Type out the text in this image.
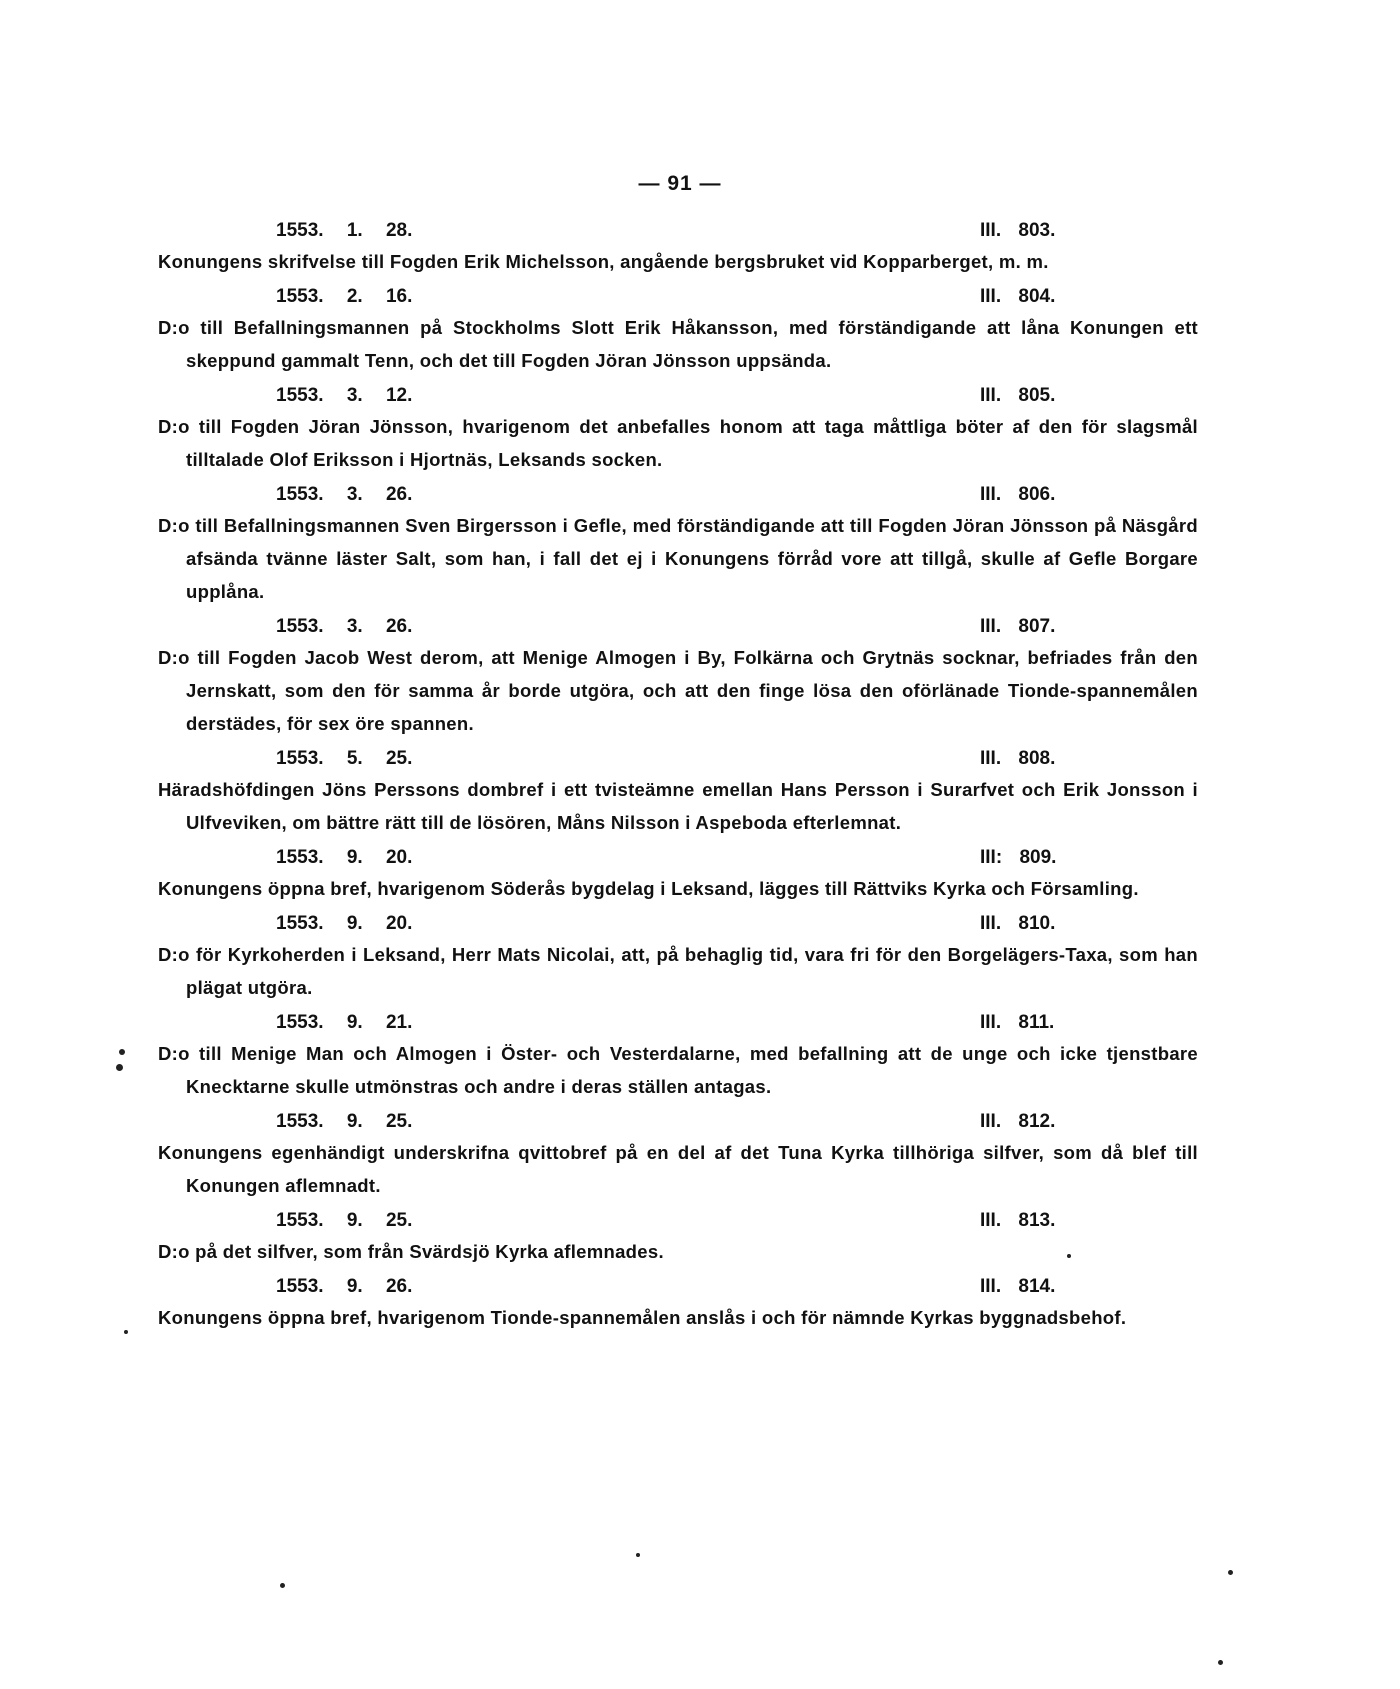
— 91 —
1553. 1. 28.	III. 803.
Konungens skrifvelse till Fogden Erik Michelsson, angående bergsbruket vid Kopparberget, m. m.
1553. 2. 16.	III. 804.
D:o till Befallningsmannen på Stockholms Slott Erik Håkansson, med förständigande att låna Konungen ett skeppund gammalt Tenn, och det till Fogden Jöran Jönsson uppsända.
1553. 3. 12.	III. 805.
D:o till Fogden Jöran Jönsson, hvarigenom det anbefalles honom att taga måttliga böter af den för slagsmål tilltalade Olof Eriksson i Hjortnäs, Leksands socken.
1553. 3. 26.	III. 806.
D:o till Befallningsmannen Sven Birgersson i Gefle, med förständigande att till Fogden Jöran Jönsson på Näsgård afsända tvänne läster Salt, som han, i fall det ej i Konungens förråd vore att tillgå, skulle af Gefle Borgare upplåna.
1553. 3. 26.	III. 807.
D:o till Fogden Jacob West derom, att Menige Almogen i By, Folkärna och Grytnäs socknar, befriades från den Jernskatt, som den för samma år borde utgöra, och att den finge lösa den oförlänade Tionde-spannemålen derstädes, för sex öre spannen.
1553. 5. 25.	III. 808.
Häradshöfdingen Jöns Perssons dombref i ett tvisteämne emellan Hans Persson i Surarfvet och Erik Jonsson i Ulfveviken, om bättre rätt till de lösören, Måns Nilsson i Aspeboda efterlemnat.
1553. 9. 20.	III: 809.
Konungens öppna bref, hvarigenom Söderås bygdelag i Leksand, lägges till Rättviks Kyrka och Församling.
1553. 9. 20.	III. 810.
D:o för Kyrkoherden i Leksand, Herr Mats Nicolai, att, på behaglig tid, vara fri för den Borgelägers-Taxa, som han plägat utgöra.
1553. 9. 21.	III. 811.
D:o till Menige Man och Almogen i Öster- och Vesterdalarne, med befallning att de unge och icke tjenstbare Knecktarne skulle utmönstras och andre i deras ställen antagas.
1553. 9. 25.	III. 812.
Konungens egenhändigt underskrifna qvittobref på en del af det Tuna Kyrka tillhöriga silfver, som då blef till Konungen aflemnadt.
1553. 9. 25.	III. 813.
D:o på det silfver, som från Svärdsjö Kyrka aflemnades.
1553. 9. 26.	III. 814.
Konungens öppna bref, hvarigenom Tionde-spannemålen anslås i och för nämnde Kyrkas byggnadsbehof.
